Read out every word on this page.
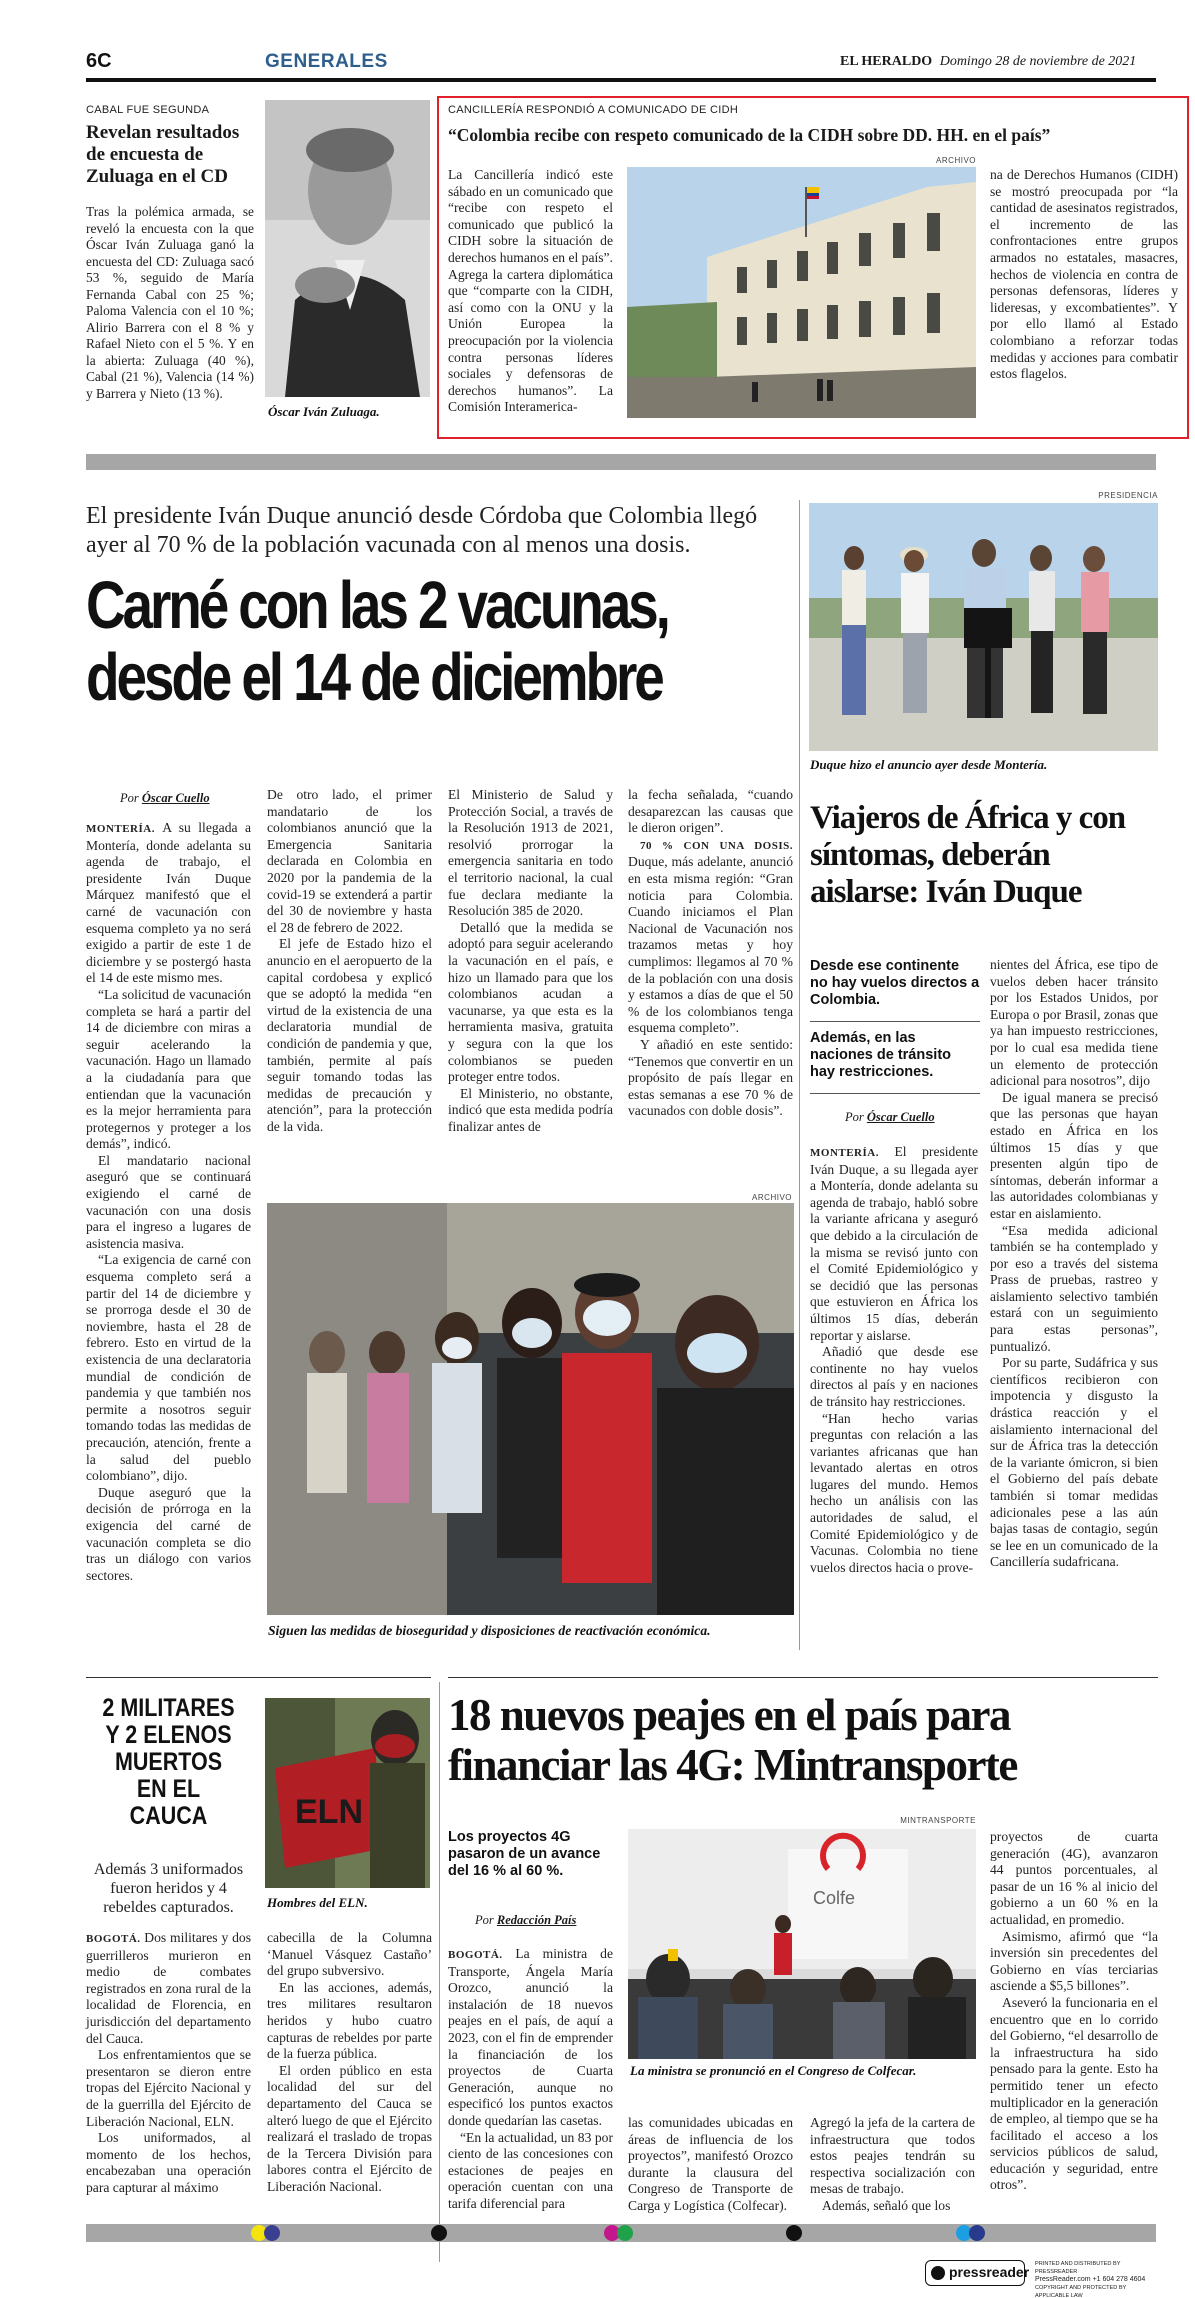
6C	GENERALES	EL HERALDO Domingo 28 de noviembre de 2021
CABAL FUE SEGUNDA
Revelan resultados de encuesta de Zuluaga en el CD
Tras la polémica armada, se reveló la encuesta con la que Óscar Iván Zuluaga ganó la encuesta del CD: Zuluaga sacó 53 %, seguido de María Fernanda Cabal con 25 %; Paloma Valencia con el 10 %; Alirio Barrera con el 8 % y Rafael Nieto con el 5 %. Y en la abierta: Zuluaga (40 %), Cabal (21 %), Valencia (14 %) y Barrera y Nieto (13 %).
Óscar Iván Zuluaga.
CANCILLERÍA RESPONDIÓ A COMUNICADO DE CIDH
“Colombia recibe con respeto comunicado de la CIDH sobre DD. HH. en el país”
ARCHIVO
La Cancillería indicó este sábado en un comunicado que “recibe con respeto el comunicado que publicó la CIDH sobre la situación de derechos humanos en el país”. Agrega la cartera diplomática que “comparte con la CIDH, así como con la ONU y la Unión Europea la preocupación por la violencia contra personas líderes sociales y defensoras de derechos humanos”. La Comisión Interamerica-
na de Derechos Humanos (CIDH) se mostró preocupada por “la cantidad de asesinatos registrados, el incremento de las confrontaciones entre grupos armados no estatales, masacres, hechos de violencia en contra de personas defensoras, líderes y lideresas, y excombatientes”. Y por ello llamó al Estado colombiano a reforzar todas medidas y acciones para combatir estos flagelos.
El presidente Iván Duque anunció desde Córdoba que Colombia llegó ayer al 70 % de la población vacunada con al menos una dosis.
Carné con las 2 vacunas, desde el 14 de diciembre
Por Óscar Cuello

MONTERÍA. A su llegada a Montería, donde adelanta su agenda de trabajo, el presidente Iván Duque Márquez manifestó que el carné de vacunación con esquema completo ya no será exigido a partir de este 1 de diciembre y se postergó hasta el 14 de este mismo mes.

“La solicitud de vacunación completa se hará a partir del 14 de diciembre con miras a seguir acelerando la vacunación. Hago un llamado a la ciudadanía para que entiendan que la vacunación es la mejor herramienta para protegernos y proteger a los demás”, indicó.

El mandatario nacional aseguró que se continuará exigiendo el carné de vacunación con una dosis para el ingreso a lugares de asistencia masiva.

“La exigencia de carné con esquema completo será a partir del 14 de diciembre y se prorroga desde el 30 de noviembre, hasta el 28 de febrero. Esto en virtud de la existencia de una declaratoria mundial de condición de pandemia y que también nos permite a nosotros seguir tomando todas las medidas de precaución, atención, frente a la salud del pueblo colombiano”, dijo.

Duque aseguró que la decisión de prórroga en la exigencia del carné de vacunación completa se dio tras un diálogo con varios sectores.

De otro lado, el primer mandatario de los colombianos anunció que la Emergencia Sanitaria declarada en Colombia en 2020 por la pandemia de la covid-19 se extenderá a partir del 30 de noviembre y hasta el 28 de febrero de 2022.

El jefe de Estado hizo el anuncio en el aeropuerto de la capital cordobesa y explicó que se adoptó la medida “en virtud de la existencia de una declaratoria mundial de condición de pandemia y que, también, permite al país seguir tomando todas las medidas de precaución y atención”, para la protección de la vida.

El Ministerio de Salud y Protección Social, a través de la Resolución 1913 de 2021, resolvió prorrogar la emergencia sanitaria en todo el territorio nacional, la cual fue declara mediante la Resolución 385 de 2020.

Detalló que la medida se adoptó para seguir acelerando la vacunación en el país, e hizo un llamado para que los colombianos acudan a vacunarse, ya que esta es la herramienta masiva, gratuita y segura con la que los colombianos se pueden proteger entre todos.

El Ministerio, no obstante, indicó que esta medida podría finalizar antes de

la fecha señalada, “cuando desaparezcan las causas que le dieron origen”.

70 % CON UNA DOSIS. Duque, más adelante, anunció en esta misma región: “Gran noticia para Colombia. Cuando iniciamos el Plan Nacional de Vacunación nos trazamos metas y hoy cumplimos: llegamos al 70 % de la población con una dosis y estamos a días de que el 50 % de los colombianos tenga esquema completo”.

Y añadió en este sentido: “Tenemos que convertir en un propósito de país llegar en estas semanas a ese 70 % de vacunados con doble dosis”.

ARCHIVO
Siguen las medidas de bioseguridad y disposiciones de reactivación económica.
PRESIDENCIA
Duque hizo el anuncio ayer desde Montería.
Viajeros de África y con síntomas, deberán aislarse: Iván Duque
Desde ese continente no hay vuelos directos a Colombia.
Además, en las naciones de tránsito hay restricciones.
Por Óscar Cuello

MONTERÍA. El presidente Iván Duque, a su llegada ayer a Montería, donde adelanta su agenda de trabajo, habló sobre la variante africana y aseguró que debido a la circulación de la misma se revisó junto con el Comité Epidemiológico y se decidió que las personas que estuvieron en África los últimos 15 días, deberán reportar y aislarse.

Añadió que desde ese continente no hay vuelos directos al país y en naciones de tránsito hay restricciones.

“Han hecho varias preguntas con relación a las variantes africanas que han levantado alertas en otros lugares del mundo. Hemos hecho un análisis con las autoridades de salud, el Comité Epidemiológico y de Vacunas. Colombia no tiene vuelos directos hacia o prove-

nientes del África, ese tipo de vuelos deben hacer tránsito por los Estados Unidos, por Europa o por Brasil, zonas que ya han impuesto restricciones, por lo cual esa medida tiene un elemento de protección adicional para nosotros”, dijo

De igual manera se precisó que las personas que hayan estado en África en los últimos 15 días y que presenten algún tipo de síntomas, deberán informar a las autoridades colombianas y estar en aislamiento.

“Esa medida adicional también se ha contemplado y por eso a través del sistema Prass de pruebas, rastreo y aislamiento selectivo también estará con un seguimiento para estas personas”, puntualizó.

Por su parte, Sudáfrica y sus científicos recibieron con impotencia y disgusto la drástica reacción y el aislamiento internacional del sur de África tras la detección de la variante ómicron, si bien el Gobierno del país debate también si tomar medidas adicionales pese a las aún bajas tasas de contagio, según se lee en un comunicado de la Cancillería sudafricana.

2 MILITARES Y 2 ELENOS MUERTOS EN EL CAUCA
Además 3 uniformados fueron heridos y 4 rebeldes capturados.
ELN
Hombres del ELN.

BOGOTÁ. Dos militares y dos guerrilleros murieron en medio de combates registrados en zona rural de la localidad de Florencia, en jurisdicción del departamento del Cauca.

Los enfrentamientos que se presentaron se dieron entre tropas del Ejército Nacional y de la guerrilla del Ejército de Liberación Nacional, ELN.

Los uniformados, al momento de los hechos, encabezaban una operación para capturar al máximo

cabecilla de la Columna ‘Manuel Vásquez Castaño’ del grupo subversivo.

En las acciones, además, tres militares resultaron heridos y hubo cuatro capturas de rebeldes por parte de la fuerza pública.

El orden público en esta localidad del sur del departamento del Cauca se alteró luego de que el Ejército realizará el traslado de tropas de la Tercera División para labores contra el Ejército de Liberación Nacional.

18 nuevos peajes en el país para financiar las 4G: Mintransporte
MINTRANSPORTE
Los proyectos 4G pasaron de un avance del 16 % al 60 %.
Por Redacción País

BOGOTÁ. La ministra de Transporte, Ángela María Orozco, anunció la instalación de 18 nuevos peajes en el país, de aquí a 2023, con el fin de emprender la financiación de los proyectos de Cuarta Generación, aunque no especificó los puntos exactos donde quedarían las casetas.

“En la actualidad, un 83 por ciento de las concesiones con estaciones de peajes en operación cuentan con una tarifa diferencial para

Colfe
La ministra se pronunció en el Congreso de Colfecar.

las comunidades ubicadas en áreas de influencia de los proyectos”, manifestó Orozco durante la clausura del Congreso de Transporte de Carga y Logística (Colfecar).

Agregó la jefa de la cartera de infraestructura que todos estos peajes tendrán su respectiva socialización con mesas de trabajo.

Además, señaló que los

proyectos de cuarta generación (4G), avanzaron 44 puntos porcentuales, al pasar de un 16 % al inicio del gobierno a un 60 % en la actualidad, en promedio.

Asimismo, afirmó que “la inversión sin precedentes del Gobierno en vías terciarias asciende a $5,5 billones”.

Aseveró la funcionaria en el encuentro que en lo corrido del Gobierno, “el desarrollo de la infraestructura ha sido pensado para la gente. Esto ha permitido tener un efecto multiplicador en la generación de empleo, al tiempo que se ha facilitado el acceso a los servicios públicos de salud, educación y seguridad, entre otros”.

pressreader PRINTED AND DISTRIBUTED BY PRESSREADER
PressReader.com +1 604 278 4604
COPYRIGHT AND PROTECTED BY APPLICABLE LAW
